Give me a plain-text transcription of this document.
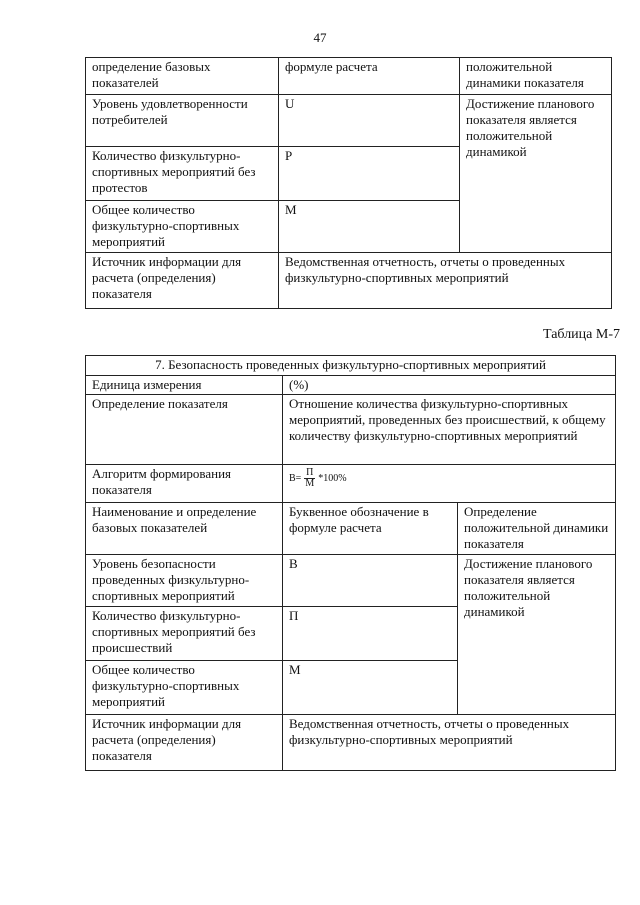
47
определение базовых показателей	формуле расчета	положительной динамики показателя
Уровень удовлетворенности потребителей	U	Достижение планового показателя является положительной динамикой
Количество физкультурно-спортивных мероприятий без протестов	P	
Общее количество физкультурно-спортивных мероприятий	M	
Источник информации для расчета (определения) показателя	Ведомственная отчетность, отчеты о проведенных физкультурно-спортивных мероприятий	
Таблица М-7
7. Безопасность проведенных физкультурно-спортивных мероприятий		
Единица измерения	(%)	
Определение показателя	Отношение количества физкультурно-спортивных мероприятий, проведенных без происшествий, к общему количеству физкультурно-спортивных мероприятий	
Алгоритм формирования показателя	$B= \frac{П}{М} *100\%$	

Наименование и определение базовых показателей	Буквенное обозначение в формуле расчета	Определение положительной динамики показателя
Уровень безопасности проведенных физкультурно-спортивных мероприятий	B	Достижение планового показателя является положительной динамикой
Количество физкультурно-спортивных мероприятий без происшествий	П	
Общее количество физкультурно-спортивных мероприятий	M	
Источник информации для расчета (определения) показателя	Ведомственная отчетность, отчеты о проведенных физкультурно-спортивных мероприятий	
